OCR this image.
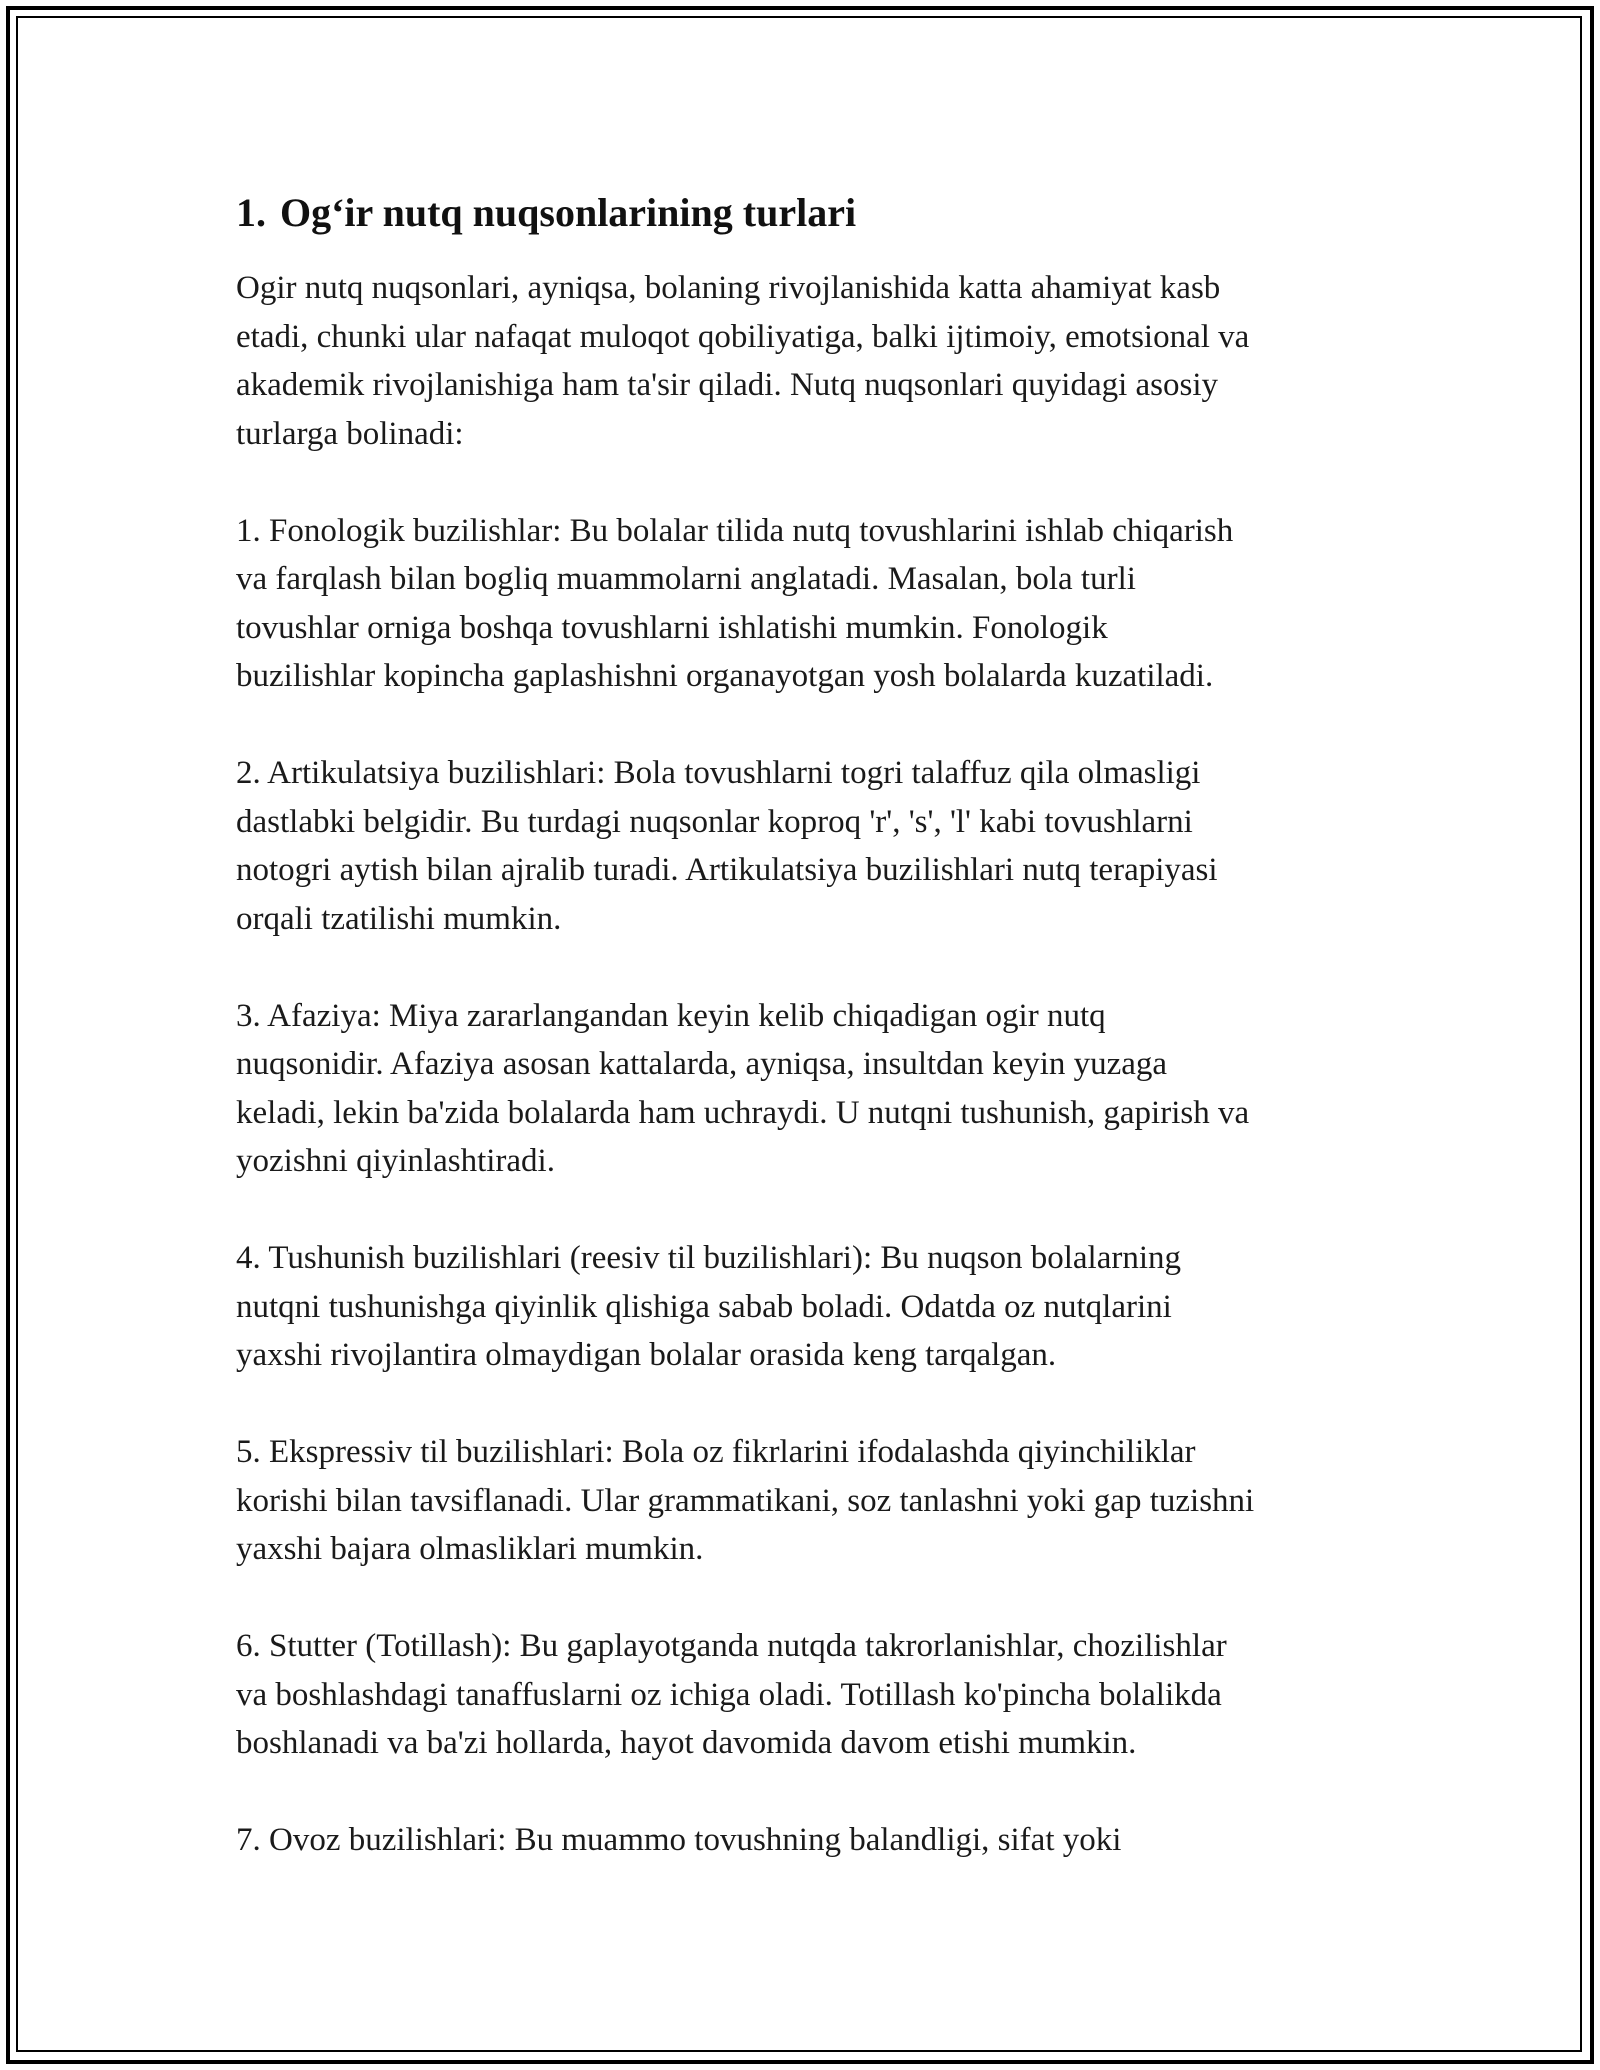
1. Og‘ir nutq nuqsonlarining turlari

Ogir nutq nuqsonlari, ayniqsa, bolaning rivojlanishida katta ahamiyat kasb
etadi, chunki ular nafaqat muloqot qobiliyatiga, balki ijtimoiy, emotsional va
akademik rivojlanishiga ham ta'sir qiladi. Nutq nuqsonlari quyidagi asosiy
turlarga bolinadi:

1. Fonologik buzilishlar: Bu bolalar tilida nutq tovushlarini ishlab chiqarish
va farqlash bilan bogliq muammolarni anglatadi. Masalan, bola turli
tovushlar orniga boshqa tovushlarni ishlatishi mumkin. Fonologik
buzilishlar kopincha gaplashishni organayotgan yosh bolalarda kuzatiladi.

2. Artikulatsiya buzilishlari: Bola tovushlarni togri talaffuz qila olmasligi
dastlabki belgidir. Bu turdagi nuqsonlar koproq 'r', 's', 'l' kabi tovushlarni
notogri aytish bilan ajralib turadi. Artikulatsiya buzilishlari nutq terapiyasi
orqali tzatilishi mumkin.

3. Afaziya: Miya zararlangandan keyin kelib chiqadigan ogir nutq
nuqsonidir. Afaziya asosan kattalarda, ayniqsa, insultdan keyin yuzaga
keladi, lekin ba'zida bolalarda ham uchraydi. U nutqni tushunish, gapirish va
yozishni qiyinlashtiradi.

4. Tushunish buzilishlari (reesiv til buzilishlari): Bu nuqson bolalarning
nutqni tushunishga qiyinlik qlishiga sabab boladi. Odatda oz nutqlarini
yaxshi rivojlantira olmaydigan bolalar orasida keng tarqalgan.

5. Ekspressiv til buzilishlari: Bola oz fikrlarini ifodalashda qiyinchiliklar
korishi bilan tavsiflanadi. Ular grammatikani, soz tanlashni yoki gap tuzishni
yaxshi bajara olmasliklari mumkin.

6. Stutter (Totillash): Bu gaplayotganda nutqda takrorlanishlar, chozilishlar
va boshlashdagi tanaffuslarni oz ichiga oladi. Totillash ko'pincha bolalikda
boshlanadi va ba'zi hollarda, hayot davomida davom etishi mumkin.

7. Ovoz buzilishlari: Bu muammo tovushning balandligi, sifat yoki
